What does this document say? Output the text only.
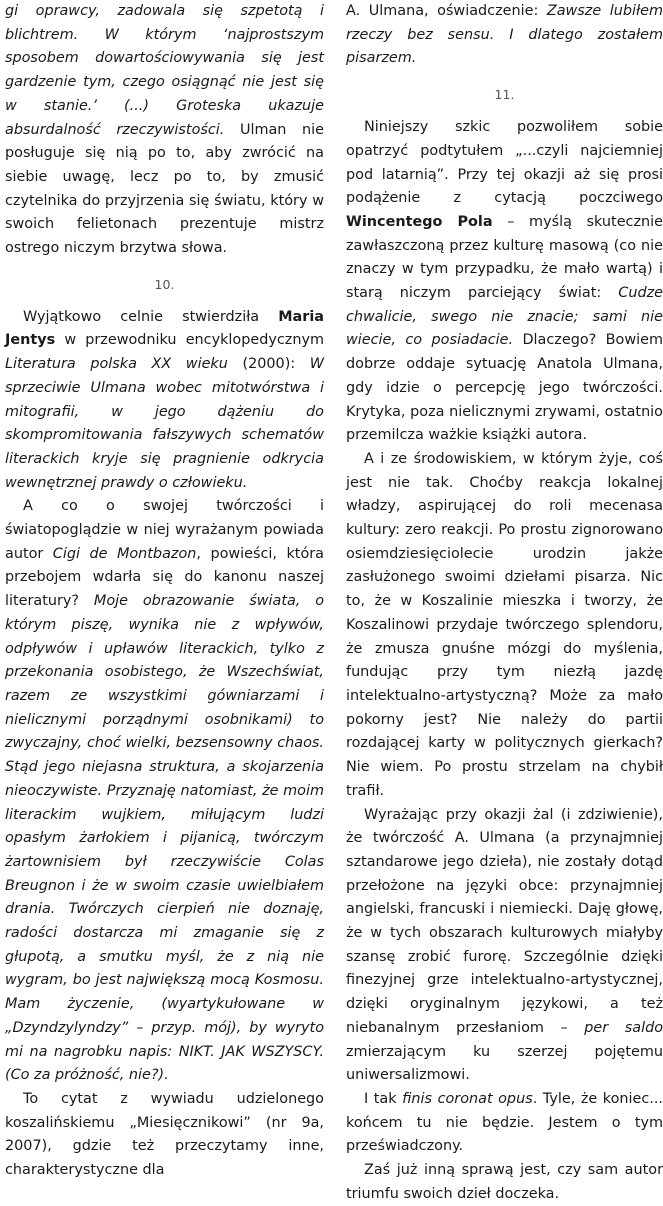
gi oprawcy, zadowala się szpetotą i blichtrem. W którym ‘najprostszym sposobem dowartościowywania się jest gardzenie tym, czego osiągnąć nie jest się w stanie.’ (...) Groteska ukazuje absurdalność rzeczywistości. Ulman nie posługuje się nią po to, aby zwrócić na siebie uwagę, lecz po to, by zmusić czytelnika do przyjrzenia się światu, który w swoich felietonach prezentuje mistrz ostrego niczym brzytwa słowa.

10.

Wyjątkowo celnie stwierdziła Maria Jentys w przewodniku encyklopedycznym Literatura polska XX wieku (2000): W sprzeciwie Ulmana wobec mitotwórstwa i mitografii, w jego dążeniu do skompromitowania fałszywych schematów literackich kryje się pragnienie odkrycia wewnętrznej prawdy o człowieku.

A co o swojej twórczości i światopoglądzie w niej wyrażanym powiada autor Cigi de Montbazon, powieści, która przebojem wdarła się do kanonu naszej literatury? Moje obrazowanie świata, o którym piszę, wynika nie z wpływów, odpływów i upławów literackich, tylko z przekonania osobistego, że Wszechświat, razem ze wszystkimi gówniarzami i nielicznymi porządnymi osobnikami) to zwyczajny, choć wielki, bezsensowny chaos. Stąd jego niejasna struktura, a skojarzenia nieoczywiste. Przyznaję natomiast, że moim literackim wujkiem, miłującym ludzi opasłym żarłokiem i pijanicą, twórczym żartownisiem był rzeczywiście Colas Breugnon i że w swoim czasie uwielbiałem drania. Twórczych cierpień nie doznaję, radości dostarcza mi zmaganie się z głupotą, a smutku myśl, że z nią nie wygram, bo jest największą mocą Kosmosu. Mam życzenie, (wyartykułowane w „Dzyndzylyndzy” – przyp. mój), by wyryto mi na nagrobku napis: NIKT. JAK WSZYSCY. (Co za próżność, nie?).

To cytat z wywiadu udzielonego koszalińskiemu „Miesięcznikowi” (nr 9a, 2007), gdzie też przeczytamy inne, charakterystyczne dla

A. Ulmana, oświadczenie: Zawsze lubiłem rzeczy bez sensu. I dlatego zostałem pisarzem.

11.

Niniejszy szkic pozwoliłem sobie opatrzyć podtytułem „...czyli najciemniej pod latarnią”. Przy tej okazji aż się prosi podążenie z cytacją poczciwego Wincentego Pola – myślą skutecznie zawłaszczoną przez kulturę masową (co nie znaczy w tym przypadku, że mało wartą) i starą niczym parciejący świat: Cudze chwalicie, swego nie znacie; sami nie wiecie, co posiadacie. Dlaczego? Bowiem dobrze oddaje sytuację Anatola Ulmana, gdy idzie o percepcję jego twórczości. Krytyka, poza nielicznymi zrywami, ostatnio przemilcza ważkie książki autora.

A i ze środowiskiem, w którym żyje, coś jest nie tak. Choćby reakcja lokalnej władzy, aspirującej do roli mecenasa kultury: zero reakcji. Po prostu zignorowano osiemdziesięciolecie urodzin jakże zasłużonego swoimi dziełami pisarza. Nic to, że w Koszalinie mieszka i tworzy, że Koszalinowi przydaje twórczego splendoru, że zmusza gnuśne mózgi do myślenia, fundując przy tym niezłą jazdę intelektualno-artystyczną? Może za mało pokorny jest? Nie należy do partii rozdającej karty w politycznych gierkach? Nie wiem. Po prostu strzelam na chybił trafił.

Wyrażając przy okazji żal (i zdziwienie), że twórczość A. Ulmana (a przynajmniej sztandarowe jego dzieła), nie zostały dotąd przełożone na języki obce: przynajmniej angielski, francuski i niemiecki. Daję głowę, że w tych obszarach kulturowych miałyby szansę zrobić furorę. Szczególnie dzięki finezyjnej grze intelektualno-artystycznej, dzięki oryginalnym językowi, a też niebanalnym przesłaniom – per saldo zmierzającym ku szerzej pojętemu uniwersalizmowi.

I tak finis coronat opus. Tyle, że koniec... końcem tu nie będzie. Jestem o tym przeświadczony.

Zaś już inną sprawą jest, czy sam autor triumfu swoich dzieł doczeka.
